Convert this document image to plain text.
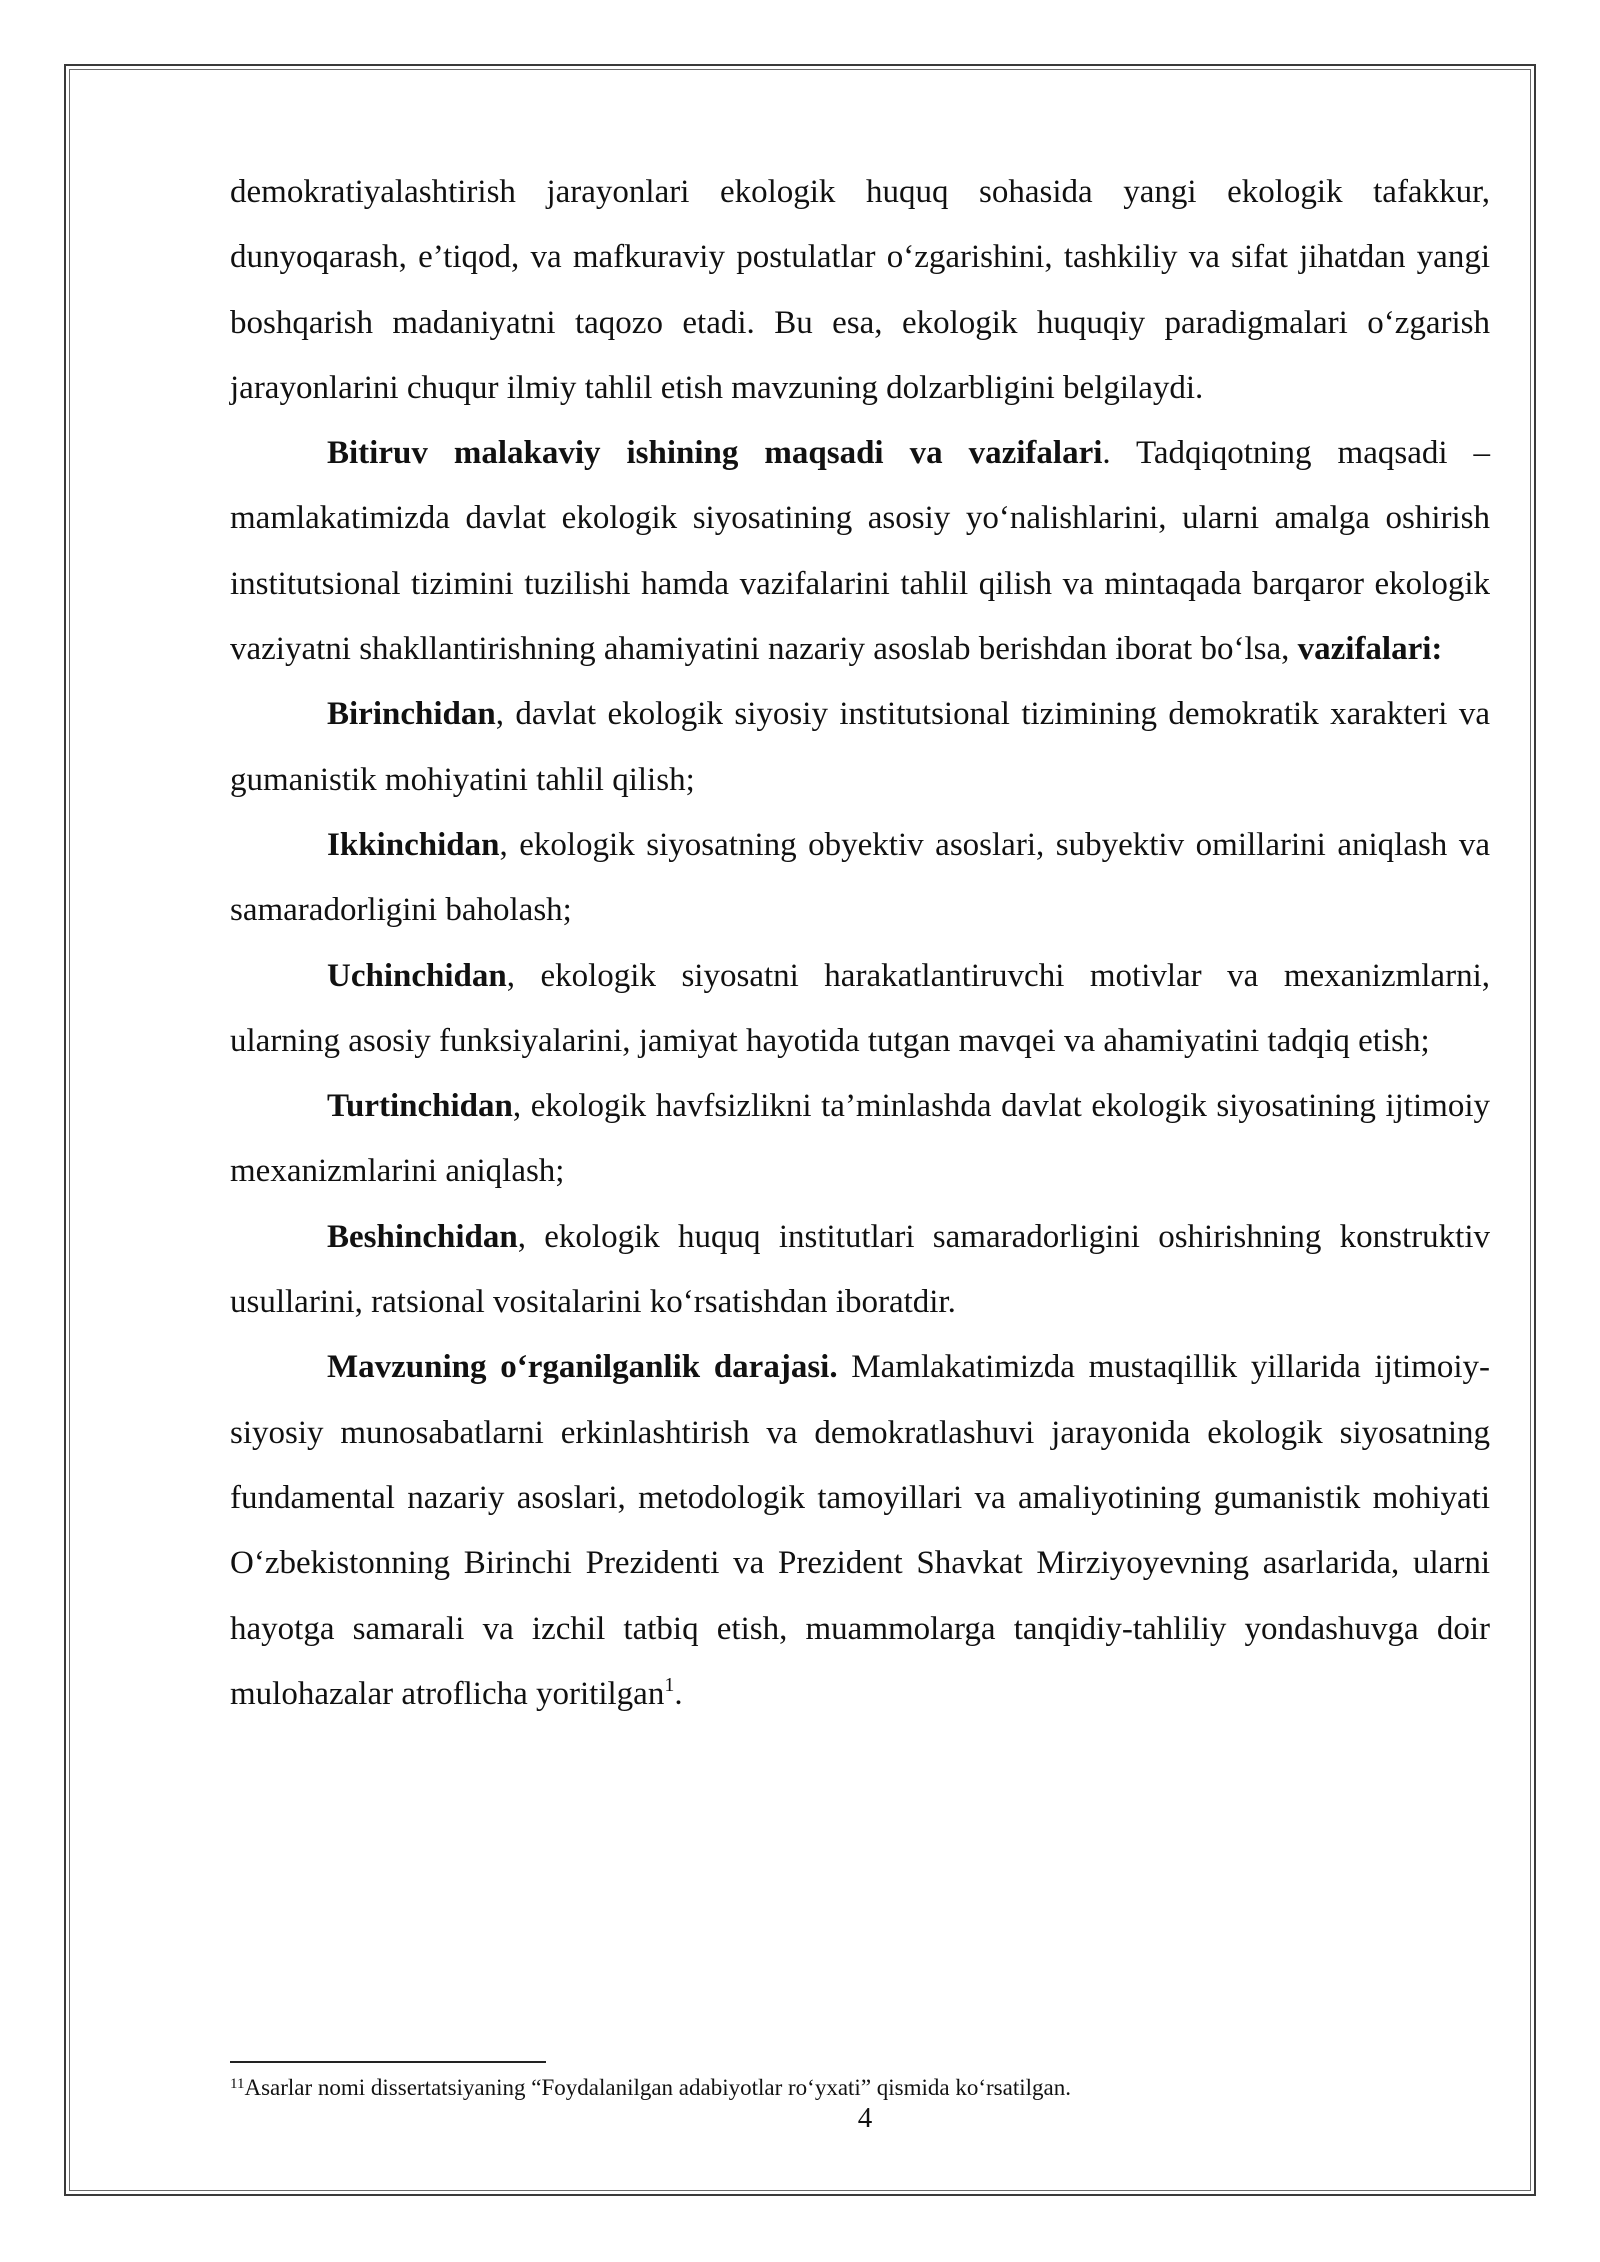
demokratiyalashtirish jarayonlari ekologik huquq sohasida yangi ekologik tafakkur, dunyoqarash, e’tiqod, va mafkuraviy postulatlar o‘zgarishini, tashkiliy va sifat jihatdan yangi boshqarish madaniyatni taqozo etadi. Bu esa, ekologik huquqiy paradigmalari o‘zgarish jarayonlarini chuqur ilmiy tahlil etish mavzuning dolzarbligini belgilaydi.

Bitiruv malakaviy ishining maqsadi va vazifalari. Tadqiqotning maqsadi – mamlakatimizda davlat ekologik siyosatining asosiy yo‘nalishlarini, ularni amalga oshirish institutsional tizimini tuzilishi hamda vazifalarini tahlil qilish va mintaqada barqaror ekologik vaziyatni shakllantirishning ahamiyatini nazariy asoslab berishdan iborat bo‘lsa, vazifalari:

Birinchidan, davlat ekologik siyosiy institutsional tizimining demokratik xarakteri va gumanistik mohiyatini tahlil qilish;

Ikkinchidan, ekologik siyosatning obyektiv asoslari, subyektiv omillarini aniqlash va samaradorligini baholash;

Uchinchidan, ekologik siyosatni harakatlantiruvchi motivlar va mexanizmlarni, ularning asosiy funksiyalarini, jamiyat hayotida tutgan mavqei va ahamiyatini tadqiq etish;

Turtinchidan, ekologik havfsizlikni ta’minlashda davlat ekologik siyosatining ijtimoiy mexanizmlarini aniqlash;

Beshinchidan, ekologik huquq institutlari samaradorligini oshirishning konstruktiv usullarini, ratsional vositalarini ko‘rsatishdan iboratdir.

Mavzuning o‘rganilganlik darajasi. Mamlakatimizda mustaqillik yillarida ijtimoiy-siyosiy munosabatlarni erkinlashtirish va demokratlashuvi jarayonida ekologik siyosatning fundamental nazariy asoslari, metodologik tamoyillari va amaliyotining gumanistik mohiyati O‘zbekistonning Birinchi Prezidenti va Prezident Shavkat Mirziyoyevning asarlarida, ularni hayotga samarali va izchil tatbiq etish, muammolarga tanqidiy-tahliliy yondashuvga doir mulohazalar atroflicha yoritilgan$^1$.

$^{11}$Asarlar nomi dissertatsiyaning “Foydalanilgan adabiyotlar ro‘yxati” qismida ko‘rsatilgan.
4
